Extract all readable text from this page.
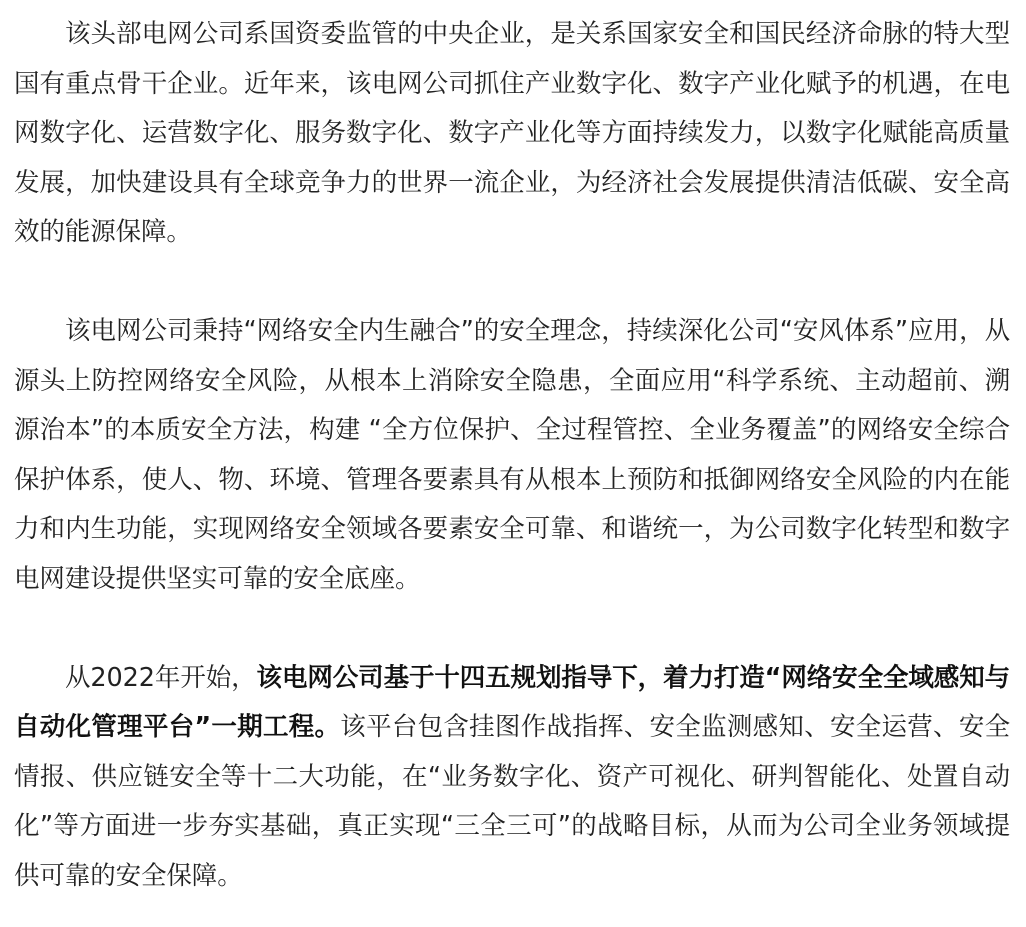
该头部电网公司系国资委监管的中央企业，是关系国家安全和国民经济命脉的特大型国有重点骨干企业。近年来，该电网公司抓住产业数字化、数字产业化赋予的机遇，在电网数字化、运营数字化、服务数字化、数字产业化等方面持续发力，以数字化赋能高质量发展，加快建设具有全球竞争力的世界一流企业，为经济社会发展提供清洁低碳、安全高效的能源保障。

该电网公司秉持“网络安全内生融合”的安全理念，持续深化公司“安风体系”应用，从源头上防控网络安全风险，从根本上消除安全隐患，全面应用“科学系统、主动超前、溯源治本”的本质安全方法，构建 “全方位保护、全过程管控、全业务覆盖”的网络安全综合保护体系，使人、物、环境、管理各要素具有从根本上预防和抵御网络安全风险的内在能力和内生功能，实现网络安全领域各要素安全可靠、和谐统一，为公司数字化转型和数字电网建设提供坚实可靠的安全底座。

从2022年开始，该电网公司基于十四五规划指导下，着力打造“网络安全全域感知与自动化管理平台”一期工程。该平台包含挂图作战指挥、安全监测感知、安全运营、安全情报、供应链安全等十二大功能，在“业务数字化、资产可视化、研判智能化、处置自动化”等方面进一步夯实基础，真正实现“三全三可”的战略目标，从而为公司全业务领域提供可靠的安全保障。
